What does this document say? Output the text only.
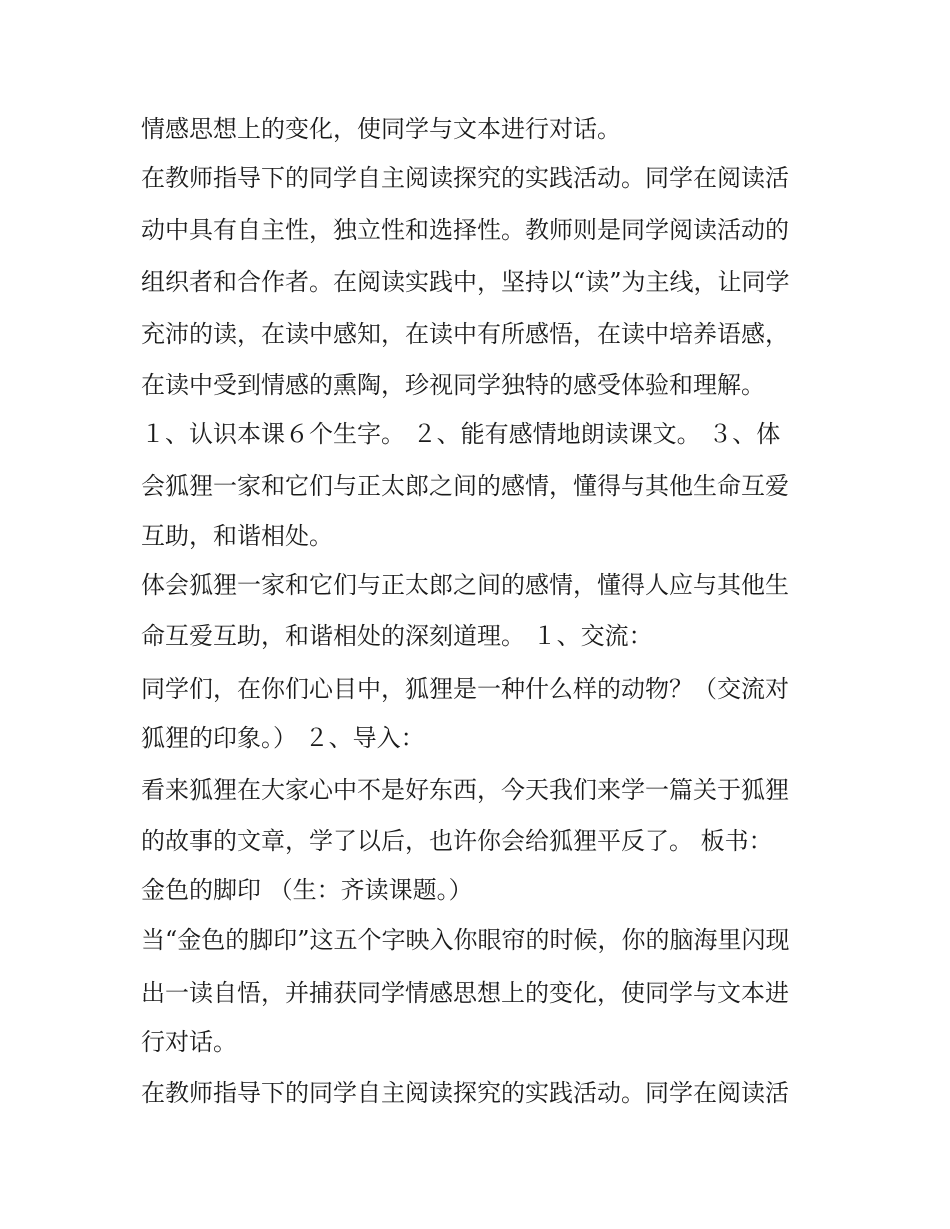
情感思想上的变化，使同学与文本进行对话。
在教师指导下的同学自主阅读探究的实践活动。同学在阅读活
动中具有自主性，独立性和选择性。教师则是同学阅读活动的
组织者和合作者。在阅读实践中，坚持以“读”为主线，让同学
充沛的读，在读中感知，在读中有所感悟，在读中培养语感，
在读中受到情感的熏陶，珍视同学独特的感受体验和理解。
１、认识本课６个生字。 ２、能有感情地朗读课文。 ３、体
会狐狸一家和它们与正太郎之间的感情，懂得与其他生命互爱
互助，和谐相处。
体会狐狸一家和它们与正太郎之间的感情，懂得人应与其他生
命互爱互助，和谐相处的深刻道理。 １、交流：
同学们，在你们心目中，狐狸是一种什么样的动物？（交流对
狐狸的印象。） ２、导入：
看来狐狸在大家心中不是好东西，今天我们来学一篇关于狐狸
的故事的文章，学了以后，也许你会给狐狸平反了。 板书：
金色的脚印 （生：齐读课题。）
当“金色的脚印”这五个字映入你眼帘的时候，你的脑海里闪现
出一读自悟，并捕获同学情感思想上的变化，使同学与文本进
行对话。
在教师指导下的同学自主阅读探究的实践活动。同学在阅读活
